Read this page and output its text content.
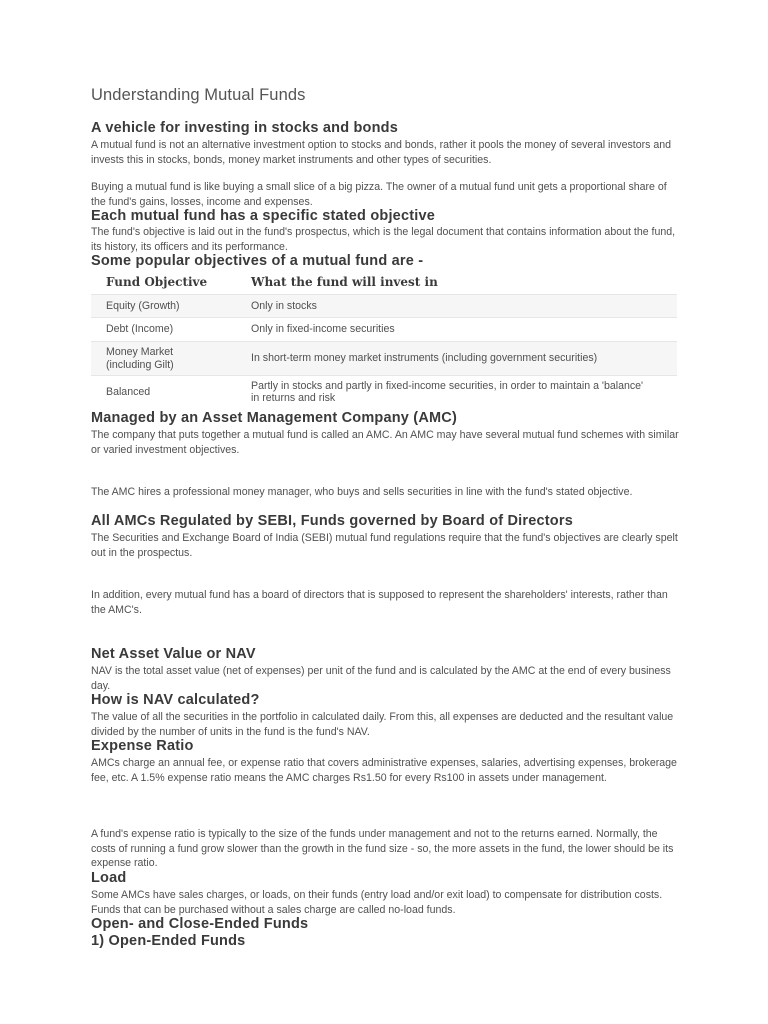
Understanding Mutual Funds
A vehicle for investing in stocks and bonds
A mutual fund is not an alternative investment option to stocks and bonds, rather it pools the money of several investors and invests this in stocks, bonds, money market instruments and other types of securities.
Buying a mutual fund is like buying a small slice of a big pizza. The owner of a mutual fund unit gets a proportional share of the fund's gains, losses, income and expenses.
Each mutual fund has a specific stated objective
The fund's objective is laid out in the fund's prospectus, which is the legal document that contains information about the fund, its history, its officers and its performance.
Some popular objectives of a mutual fund are -
Fund Objective	What the fund will invest in
Equity (Growth)	Only in stocks
Debt (Income)	Only in fixed-income securities
Money Market
(including Gilt)	In short-term money market instruments (including government securities)
Balanced	Partly in stocks and partly in fixed-income securities, in order to maintain a 'balance' in returns and risk
Managed by an Asset Management Company (AMC)
The company that puts together a mutual fund is called an AMC. An AMC may have several mutual fund schemes with similar or varied investment objectives.
The AMC hires a professional money manager, who buys and sells securities in line with the fund's stated objective.
All AMCs Regulated by SEBI, Funds governed by Board of Directors
The Securities and Exchange Board of India (SEBI) mutual fund regulations require that the fund's objectives are clearly spelt out in the prospectus.
In addition, every mutual fund has a board of directors that is supposed to represent the shareholders' interests, rather than the AMC's.
Net Asset Value or NAV
NAV is the total asset value (net of expenses) per unit of the fund and is calculated by the AMC at the end of every business day.
How is NAV calculated?
The value of all the securities in the portfolio in calculated daily. From this, all expenses are deducted and the resultant value divided by the number of units in the fund is the fund's NAV.
Expense Ratio
AMCs charge an annual fee, or expense ratio that covers administrative expenses, salaries, advertising expenses, brokerage fee, etc. A 1.5% expense ratio means the AMC charges Rs1.50 for every Rs100 in assets under management.
A fund's expense ratio is typically to the size of the funds under management and not to the returns earned. Normally, the costs of running a fund grow slower than the growth in the fund size - so, the more assets in the fund, the lower should be its expense ratio.
Load
Some AMCs have sales charges, or loads, on their funds (entry load and/or exit load) to compensate for distribution costs. Funds that can be purchased without a sales charge are called no-load funds.
Open- and Close-Ended Funds
1) Open-Ended Funds
